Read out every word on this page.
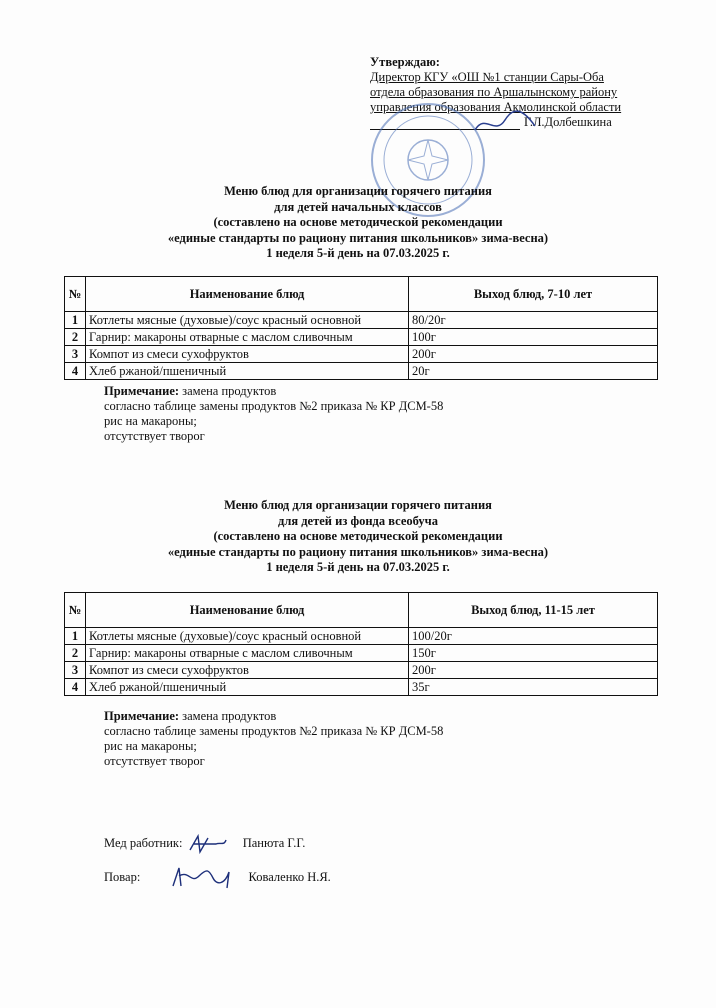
Утверждаю:
Директор КГУ «ОШ №1 станции Сары-Оба
отдела образования по Аршалынскому району
управления образования Акмолинской области
Г.Л.Долбешкина
Меню блюд для организации горячего питания
для детей начальных классов
(составлено на основе методической рекомендации
«единые стандарты по рациону питания школьников» зима-весна)
1 неделя 5-й день на 07.03.2025 г.
№	Наименование блюд	Выход блюд, 7-10 лет
1	Котлеты мясные (духовые)/соус красный основной	80/20г
2	Гарнир: макароны отварные с маслом сливочным	100г
3	Компот из смеси сухофруктов	200г
4	Хлеб ржаной/пшеничный	20г
Примечание: замена продуктов
согласно таблице замены продуктов №2 приказа № КР ДСМ-58
рис на макароны;
отсутствует творог
Меню блюд для организации горячего питания
для детей из фонда всеобуча
(составлено на основе методической рекомендации
«единые стандарты по рациону питания школьников» зима-весна)
1 неделя 5-й день на 07.03.2025 г.
№	Наименование блюд	Выход блюд, 11-15 лет
1	Котлеты мясные (духовые)/соус красный основной	100/20г
2	Гарнир: макароны отварные с маслом сливочным	150г
3	Компот из смеси сухофруктов	200г
4	Хлеб ржаной/пшеничный	35г
Примечание: замена продуктов
согласно таблице замены продуктов №2 приказа № КР ДСМ-58
рис на макароны;
отсутствует творог
Мед работник:	Панюта Г.Г.
Повар:	Коваленко Н.Я.
